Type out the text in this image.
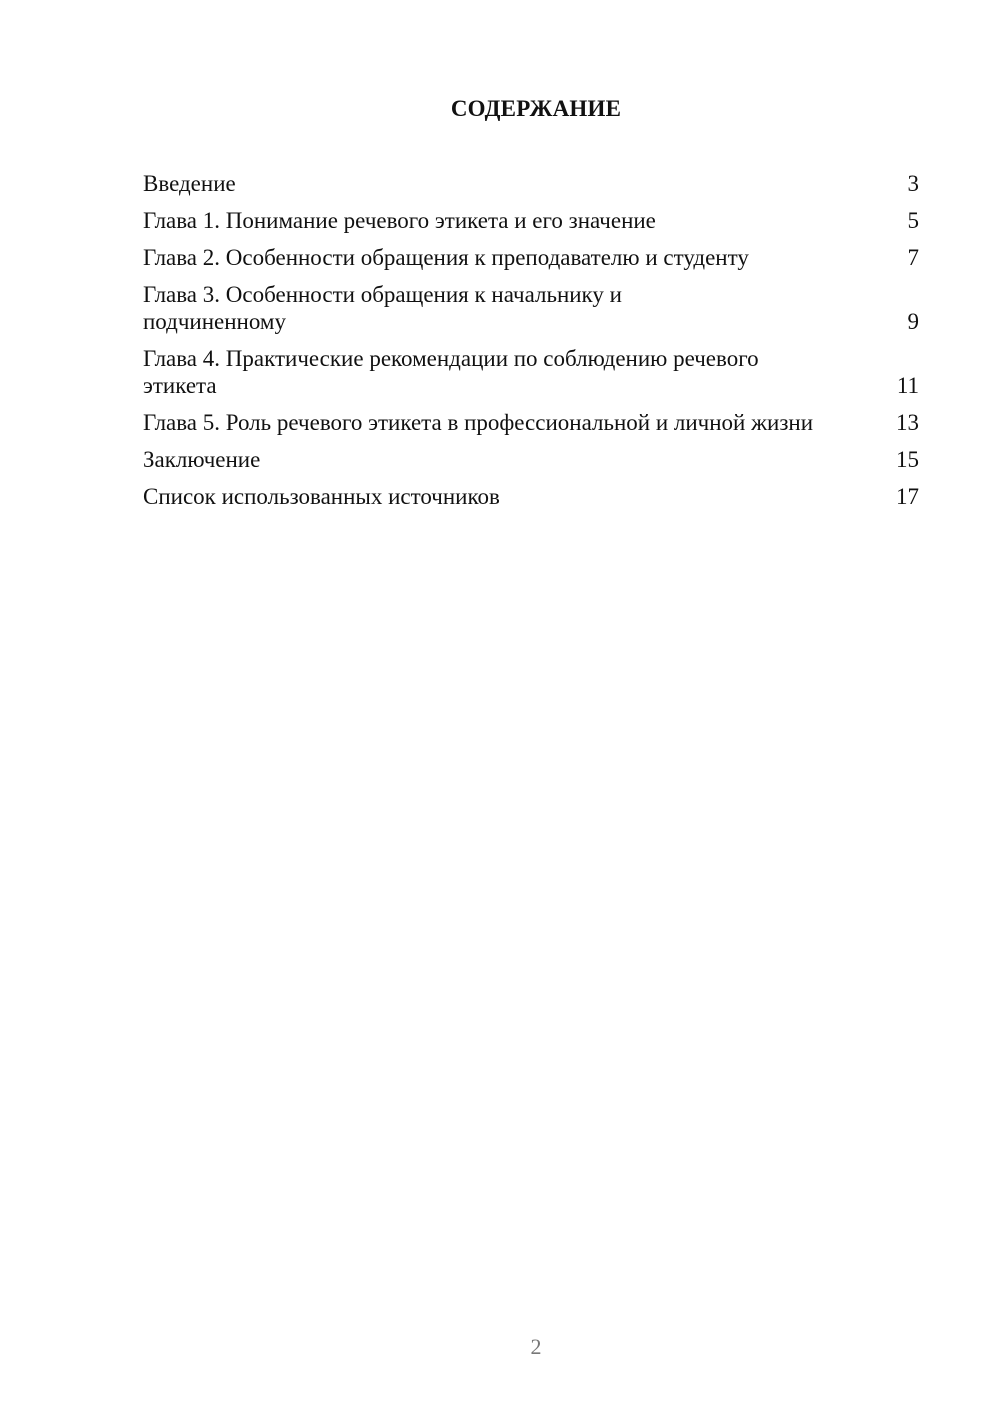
СОДЕРЖАНИЕ
Введение	3
Глава 1. Понимание речевого этикета и его значение	5
Глава 2. Особенности обращения к преподавателю и студенту	7
Глава 3. Особенности обращения к начальнику и подчиненному	9
Глава 4. Практические рекомендации по соблюдению речевого этикета	11
Глава 5. Роль речевого этикета в профессиональной и личной жизни	13
Заключение	15
Список использованных источников	17
2
